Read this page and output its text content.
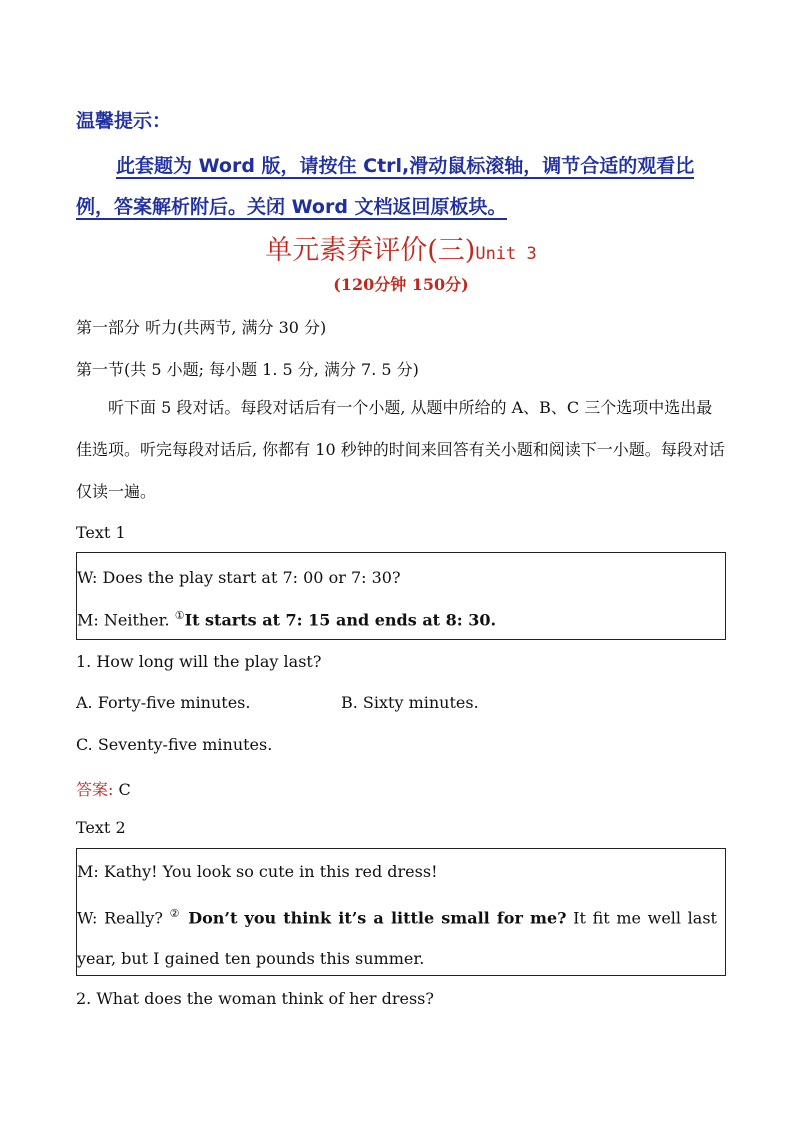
温馨提示：
此套题为 Word 版，请按住 Ctrl,滑动鼠标滚轴，调节合适的观看比例，答案解析附后。关闭 Word 文档返回原板块。
单元素养评价(三)Unit 3
(120分钟 150分)
第一部分 听力(共两节, 满分 30 分)
第一节(共 5 小题; 每小题 1. 5 分, 满分 7. 5 分)
听下面 5 段对话。每段对话后有一个小题, 从题中所给的 A、B、C 三个选项中选出最佳选项。听完每段对话后, 你都有 10 秒钟的时间来回答有关小题和阅读下一小题。每段对话仅读一遍。
Text 1
W: Does the play start at 7: 00 or 7: 30?
M: Neither. ①It starts at 7: 15 and ends at 8: 30.
1. How long will the play last?
A. Forty-five minutes.	B. Sixty minutes.
C. Seventy-five minutes.
答案: C
Text 2
M: Kathy! You look so cute in this red dress!
W: Really? ② Don’t you think it’s a little small for me? It fit me well last year, but I gained ten pounds this summer.
2. What does the woman think of her dress?
